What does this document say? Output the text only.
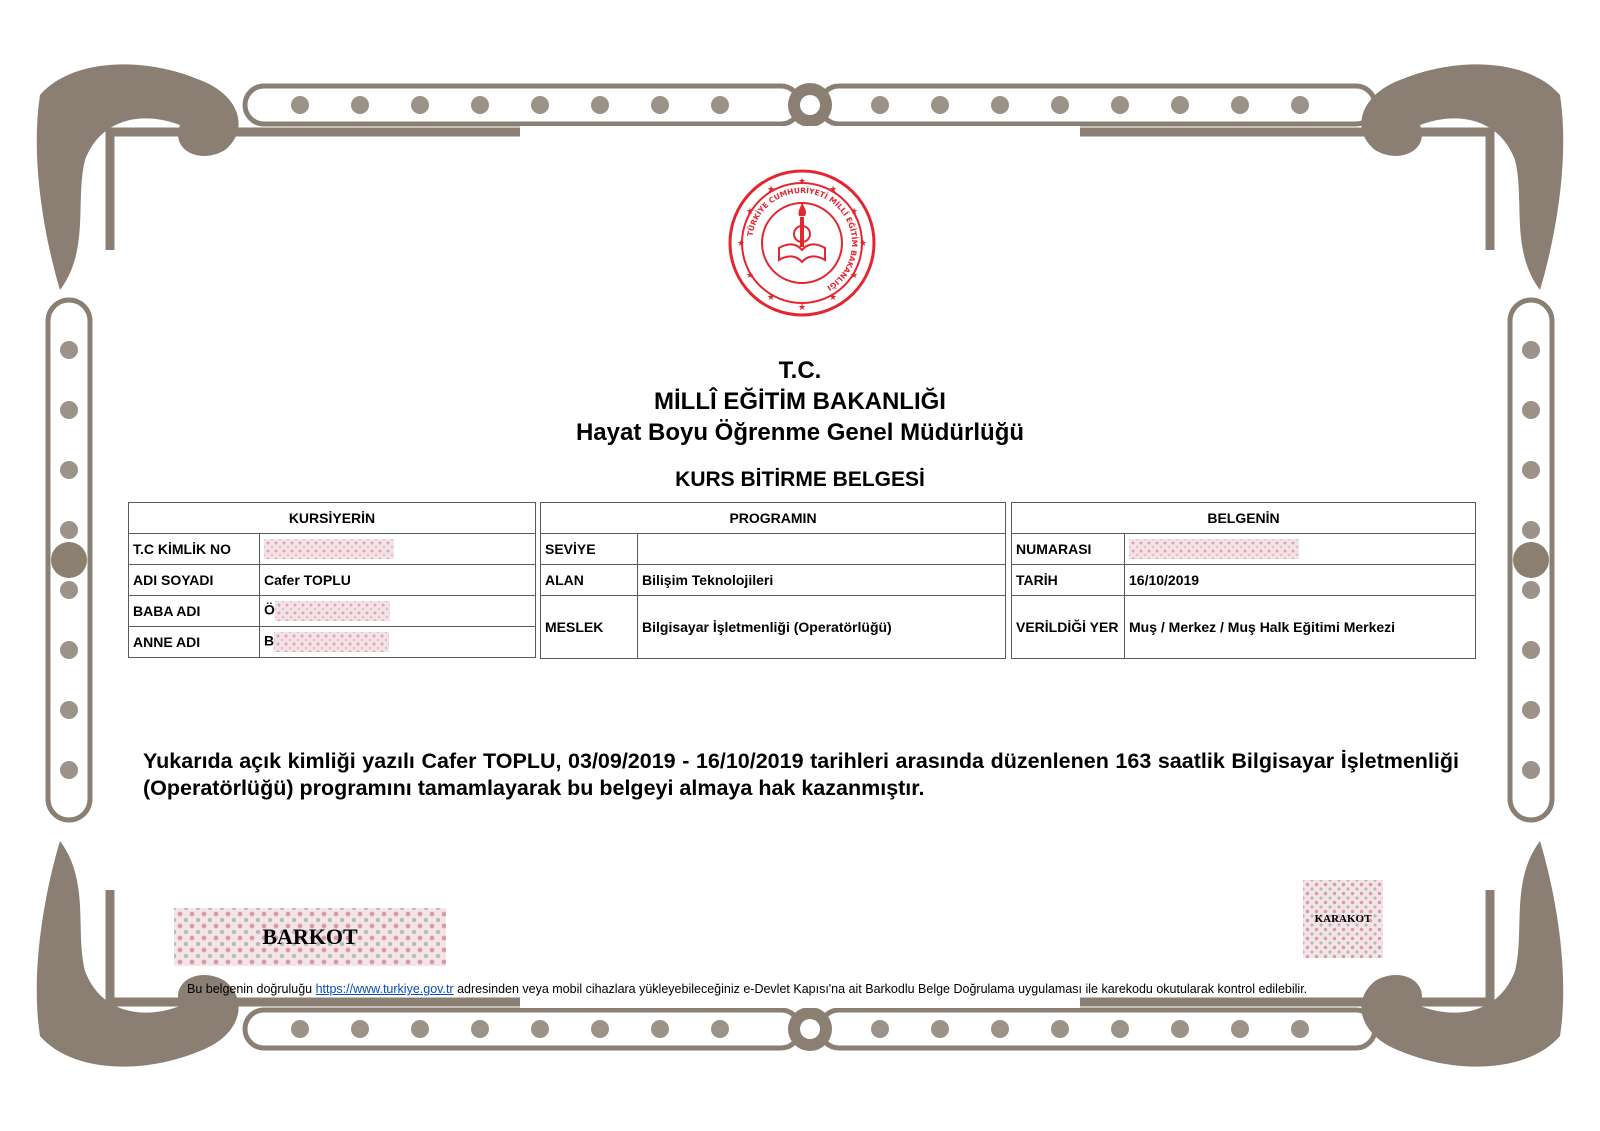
★
★
★
★
★
★
★
★
★
★
★
★
TÜRKİYE CUMHURİYETİ MİLLÎ EĞİTİM BAKANLIĞI
T.C.
MİLLÎ EĞİTİM BAKANLIĞI
Hayat Boyu Öğrenme Genel Müdürlüğü
KURS BİTİRME BELGESİ
KURSİYERİN	
T.C KİMLİK NO	
ADI SOYADI	Cafer TOPLU
BABA ADI	Ö
ANNE ADI	B
PROGRAMIN	
SEVİYE	
ALAN	Bilişim Teknolojileri
MESLEK	Bilgisayar İşletmenliği (Operatörlüğü)
BELGENİN	
NUMARASI	
TARİH	16/10/2019
VERİLDİĞİ YER	Muş / Merkez / Muş Halk Eğitimi Merkezi
Yukarıda açık kimliği yazılı Cafer TOPLU, 03/09/2019 - 16/10/2019 tarihleri arasında düzenlenen 163 saatlik Bilgisayar İşletmenliği (Operatörlüğü) programını tamamlayarak bu belgeyi almaya hak kazanmıştır.
BARKOT
KARAKOT
Bu belgenin doğruluğu https://www.turkiye.gov.tr adresinden veya mobil cihazlara yükleyebileceğiniz e-Devlet Kapısı'na ait Barkodlu Belge Doğrulama uygulaması ile karekodu okutularak kontrol edilebilir.
